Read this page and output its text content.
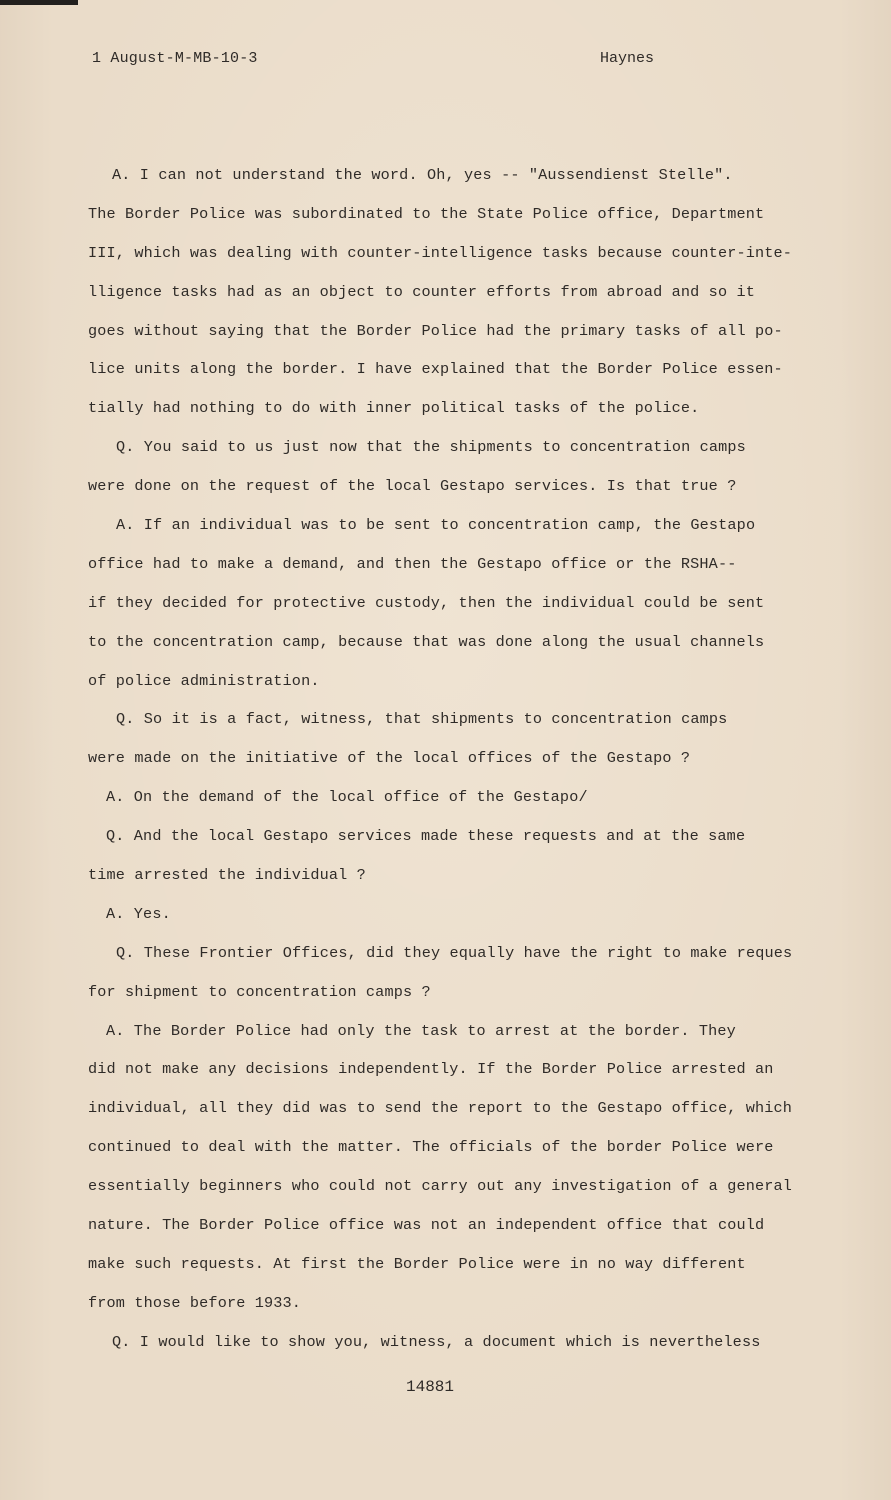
1 August-M-MB-10-3	Haynes
A. I can not understand the word. Oh, yes -- "Aussendienst Stelle".
The Border Police was subordinated to the State Police office, Department
III, which was dealing with counter-intelligence tasks because counter-inte-
lligence tasks had as an object to counter efforts from abroad and so it
goes without saying that the Border Police had the primary tasks of all po-
lice units along the border. I have explained that the Border Police essen-
tially had nothing to do with inner political tasks of the police.
Q. You said to us just now that the shipments to concentration camps
were done on the request of the local Gestapo services. Is that true ?
A. If an individual was to be sent to concentration camp, the Gestapo
office had to make a demand, and then the Gestapo office or the RSHA--
if they decided for protective custody, then the individual could be sent
to the concentration camp, because that was done along the usual channels
of police administration.
Q. So it is a fact, witness, that shipments to concentration camps
were made on the initiative of the local offices of the Gestapo ?
A. On the demand of the local office of the Gestapo/
Q. And the local Gestapo services made these requests and at the same
time arrested the individual ?
A. Yes.
Q. These Frontier Offices, did they equally have the right to make reques
for shipment to concentration camps ?
A. The Border Police had only the task to arrest at the border. They
did not make any decisions independently. If the Border Police arrested an
individual, all they did was to send the report to the Gestapo office, which
continued to deal with the matter. The officials of the border Police were
essentially beginners who could not carry out any investigation of a general
nature. The Border Police office was not an independent office that could
make such requests. At first the Border Police were in no way different
from those before 1933.
Q. I would like to show you, witness, a document which is nevertheless
14881
